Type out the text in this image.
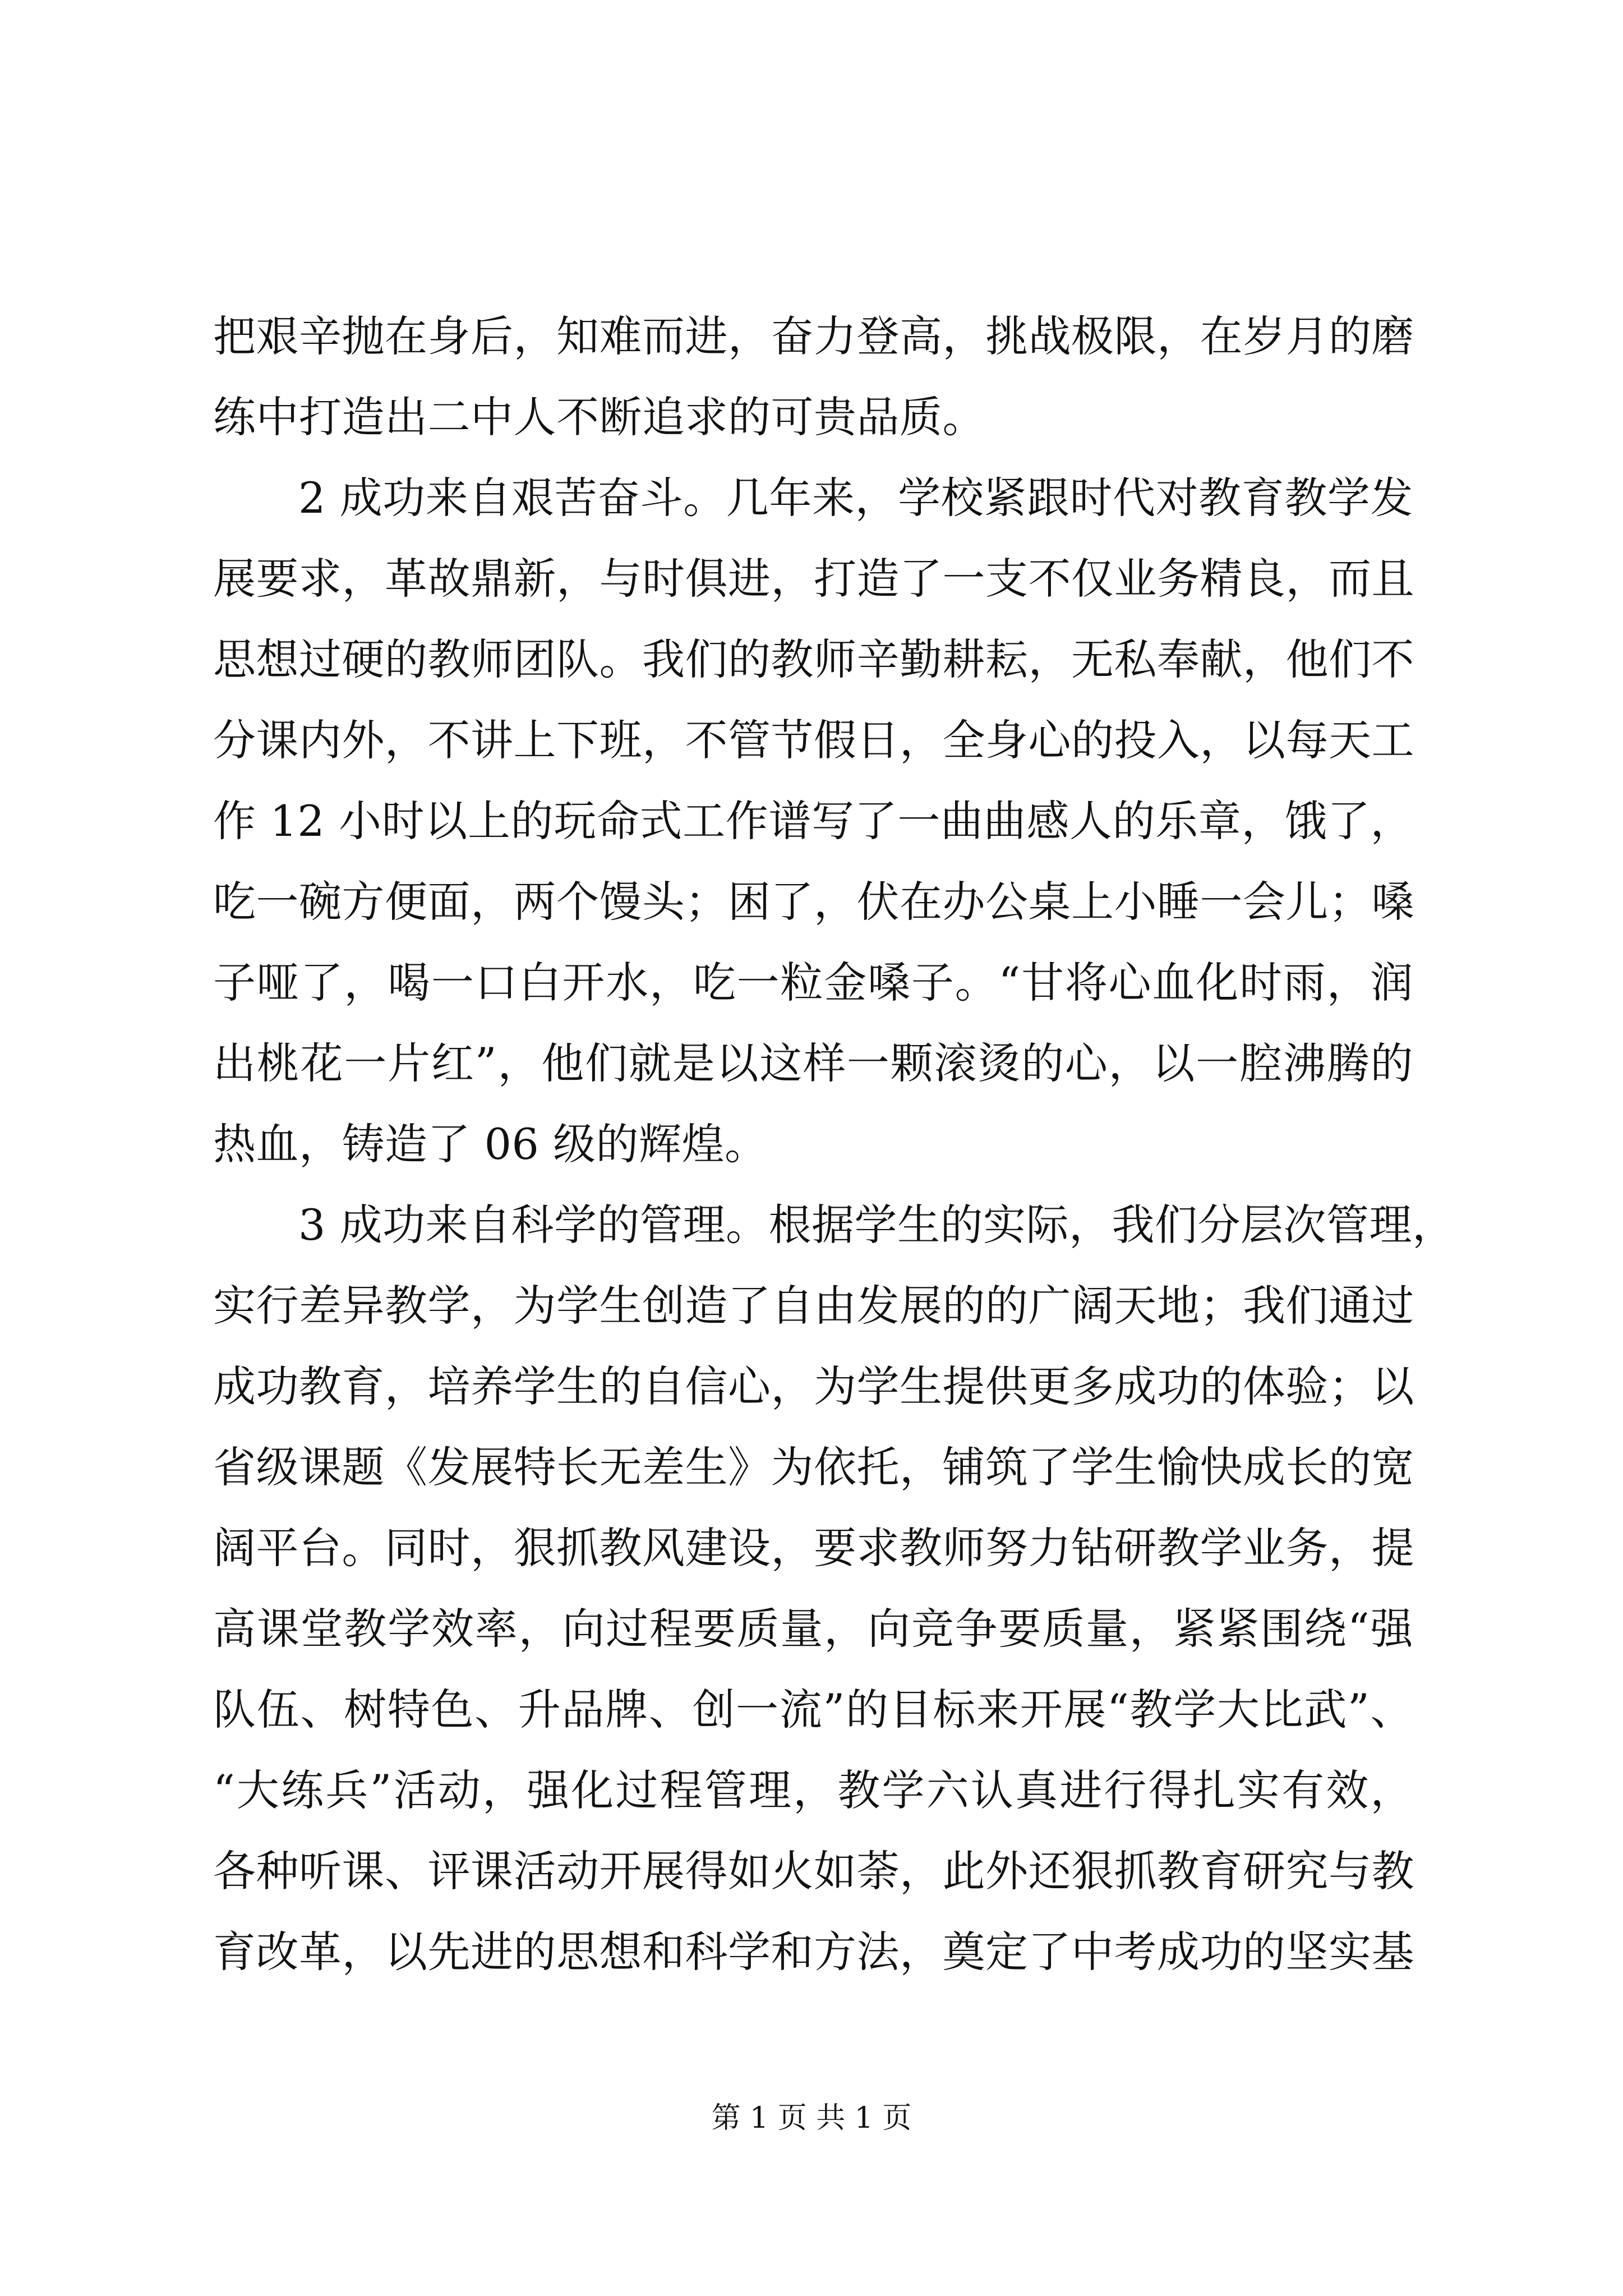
把艰辛抛在身后，知难而进，奋力登高，挑战极限，在岁月的磨
练中打造出二中人不断追求的可贵品质。
2 成功来自艰苦奋斗。几年来，学校紧跟时代对教育教学发
展要求，革故鼎新，与时俱进，打造了一支不仅业务精良，而且
思想过硬的教师团队。我们的教师辛勤耕耘，无私奉献，他们不
分课内外，不讲上下班，不管节假日，全身心的投入，以每天工
作 12 小时以上的玩命式工作谱写了一曲曲感人的乐章，饿了，
吃一碗方便面，两个馒头；困了，伏在办公桌上小睡一会儿；嗓
子哑了，喝一口白开水，吃一粒金嗓子。“甘将心血化时雨，润
出桃花一片红”，他们就是以这样一颗滚烫的心，以一腔沸腾的
热血，铸造了 06 级的辉煌。
3 成功来自科学的管理。根据学生的实际，我们分层次管理，
实行差异教学，为学生创造了自由发展的的广阔天地；我们通过
成功教育，培养学生的自信心，为学生提供更多成功的体验；以
省级课题《发展特长无差生》为依托，铺筑了学生愉快成长的宽
阔平台。同时，狠抓教风建设，要求教师努力钻研教学业务，提
高课堂教学效率，向过程要质量，向竞争要质量，紧紧围绕“强
队伍、树特色、升品牌、创一流”的目标来开展“教学大比武”、
“大练兵”活动，强化过程管理，教学六认真进行得扎实有效，
各种听课、评课活动开展得如火如荼，此外还狠抓教育研究与教
育改革，以先进的思想和科学和方法，奠定了中考成功的坚实基
第 1 页 共 1 页
